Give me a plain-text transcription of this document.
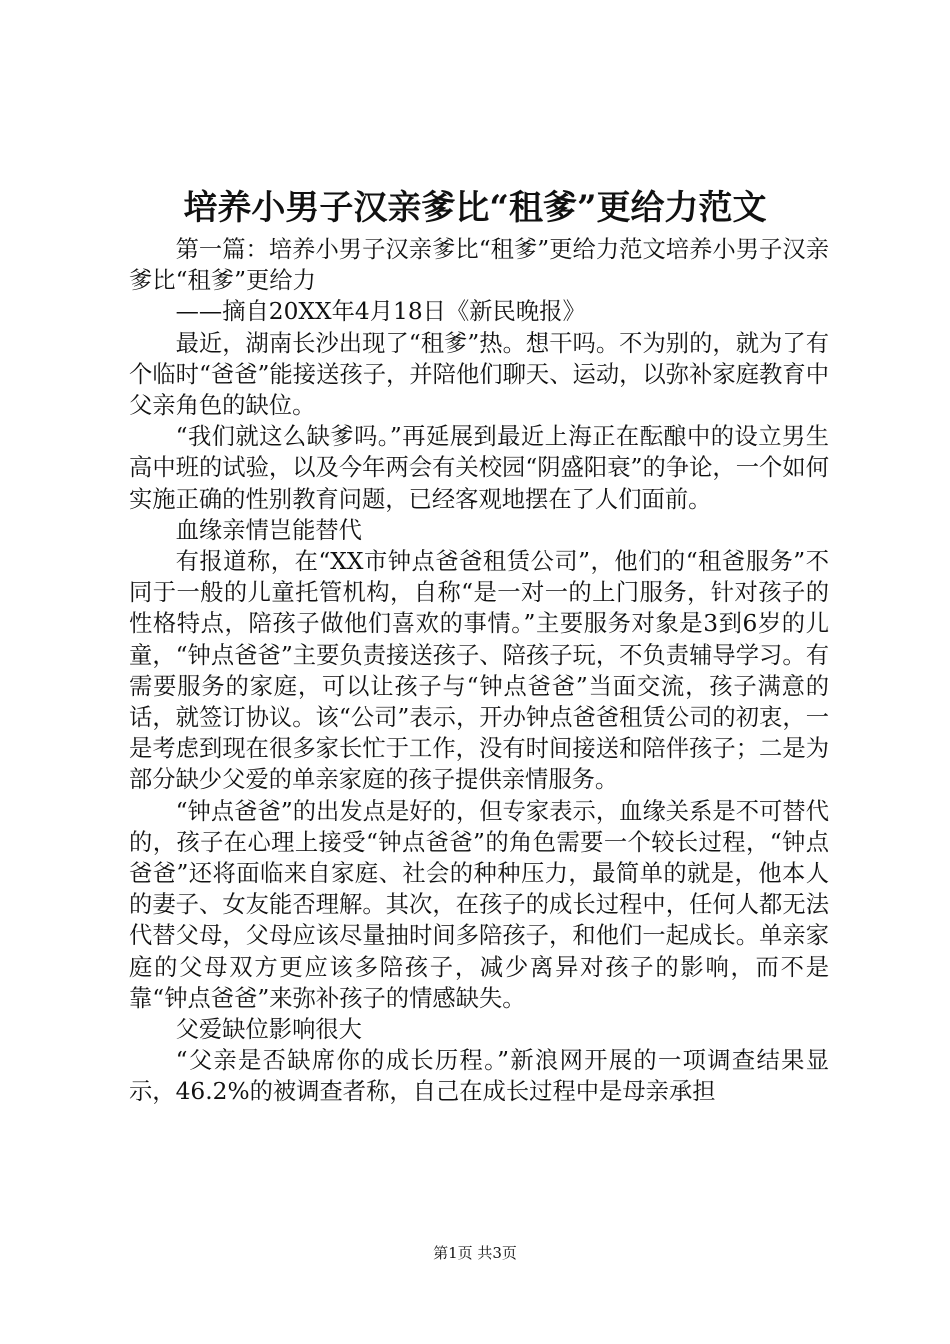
培养小男子汉亲爹比“租爹”更给力范文

第一篇：培养小男子汉亲爹比“租爹”更给力范文培养小男子汉亲爹比“租爹”更给力

——摘自20XX年4月18日《新民晚报》

最近，湖南长沙出现了“租爹”热。想干吗。不为别的，就为了有个临时“爸爸”能接送孩子，并陪他们聊天、运动，以弥补家庭教育中父亲角色的缺位。

“我们就这么缺爹吗。”再延展到最近上海正在酝酿中的设立男生高中班的试验，以及今年两会有关校园“阴盛阳衰”的争论，一个如何实施正确的性别教育问题，已经客观地摆在了人们面前。

血缘亲情岂能替代

有报道称，在“XX市钟点爸爸租赁公司”，他们的“租爸服务”不同于一般的儿童托管机构，自称“是一对一的上门服务，针对孩子的性格特点，陪孩子做他们喜欢的事情。”主要服务对象是3到6岁的儿童，“钟点爸爸”主要负责接送孩子、陪孩子玩，不负责辅导学习。有需要服务的家庭，可以让孩子与“钟点爸爸”当面交流，孩子满意的话，就签订协议。该“公司”表示，开办钟点爸爸租赁公司的初衷，一是考虑到现在很多家长忙于工作，没有时间接送和陪伴孩子；二是为部分缺少父爱的单亲家庭的孩子提供亲情服务。

“钟点爸爸”的出发点是好的，但专家表示，血缘关系是不可替代的，孩子在心理上接受“钟点爸爸”的角色需要一个较长过程，“钟点爸爸”还将面临来自家庭、社会的种种压力，最简单的就是，他本人的妻子、女友能否理解。其次，在孩子的成长过程中，任何人都无法代替父母，父母应该尽量抽时间多陪孩子，和他们一起成长。单亲家庭的父母双方更应该多陪孩子，减少离异对孩子的影响，而不是靠“钟点爸爸”来弥补孩子的情感缺失。

父爱缺位影响很大

“父亲是否缺席你的成长历程。”新浪网开展的一项调查结果显示，46.2%的被调查者称，自己在成长过程中是母亲承担

第1页 共3页
